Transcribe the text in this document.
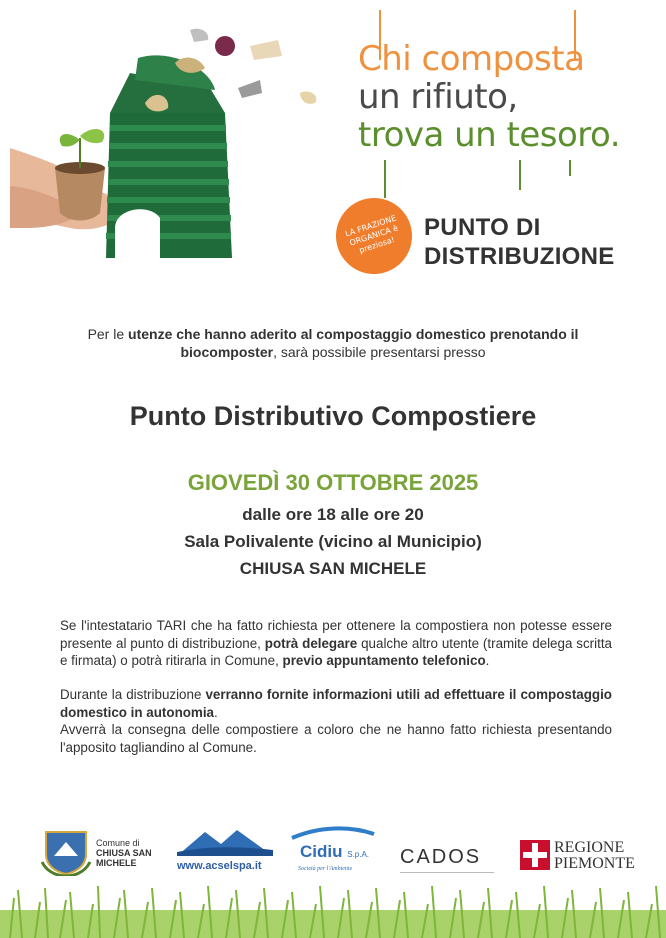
Chi composta
un rifiuto,
trova un tesoro.
LA FRAZIONE ORGANICA è preziosa!
PUNTO DI
DISTRIBUZIONE
Per le utenze che hanno aderito al compostaggio domestico prenotando il
biocomposter, sarà possibile presentarsi presso
Punto Distributivo Compostiere
GIOVEDÌ 30 OTTOBRE 2025
dalle ore 18 alle ore 20
Sala Polivalente (vicino al Municipio)
CHIUSA SAN MICHELE
Se l'intestatario TARI che ha fatto richiesta per ottenere la compostiera non potesse essere presente al punto di distribuzione, potrà delegare qualche altro utente (tramite delega scritta e firmata) o potrà ritirarla in Comune, previo appuntamento telefonico.
Durante la distribuzione verranno fornite informazioni utili ad effettuare il compostaggio domestico in autonomia.
Avverrà la consegna delle compostiere a coloro che ne hanno fatto richiesta presentando l'apposito tagliandino al Comune.
Comune di
CHIUSA SAN
MICHELE	www.acselspa.it
Cidiu S.p.A.
Società per l'Ambiente
CADOS	REGIONE
PIEMONTE
